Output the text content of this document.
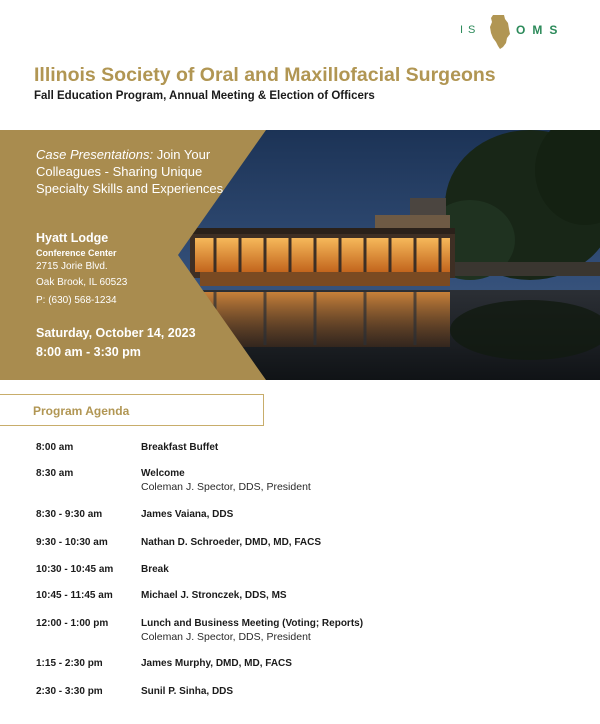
IS	OMS
Illinois Society of Oral and Maxillofacial Surgeons
Fall Education Program, Annual Meeting & Election of Officers
Case Presentations: Join Your Colleagues - Sharing Unique Specialty Skills and Experiences
Hyatt Lodge
Conference Center
2715 Jorie Blvd.
Oak Brook, IL 60523
P: (630) 568-1234
Saturday, October 14, 2023
8:00 am - 3:30 pm
Program Agenda
8:00 am	Breakfast Buffet
8:30 am	Welcome
Coleman J. Spector, DDS, President
8:30 - 9:30 am	James Vaiana, DDS
9:30 - 10:30 am	Nathan D. Schroeder, DMD, MD, FACS
10:30 - 10:45 am	Break
10:45 - 11:45 am	Michael J. Stronczek, DDS, MS
12:00 - 1:00 pm	Lunch and Business Meeting (Voting; Reports)
Coleman J. Spector, DDS, President
1:15 - 2:30 pm	James Murphy, DMD, MD, FACS
2:30 - 3:30 pm	Sunil P. Sinha, DDS
